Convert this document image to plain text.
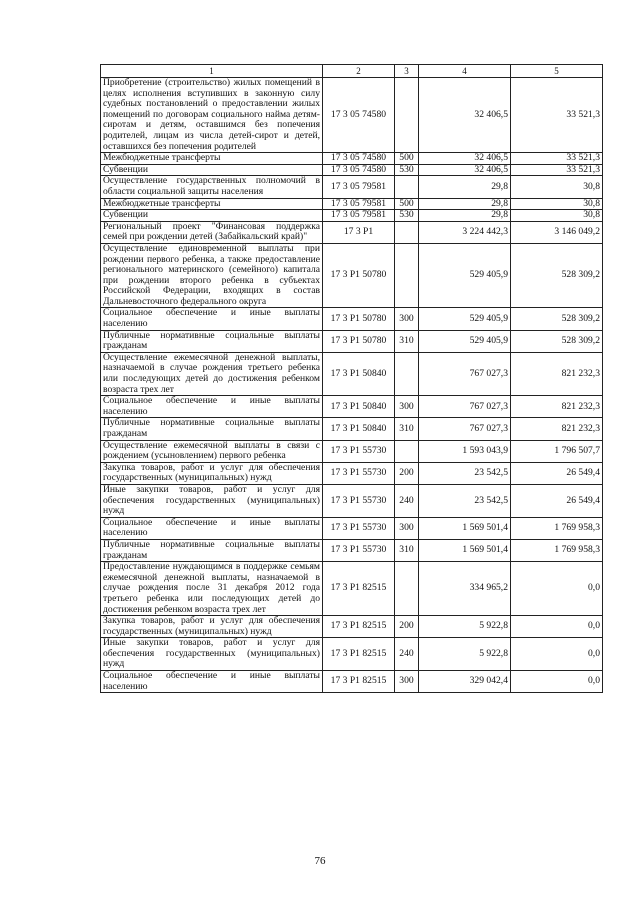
1	2	3	4	5
Приобретение (строительство) жилых помещений в целях исполнения вступивших в законную силу судебных постановлений о предоставлении жилых помещений по договорам социального найма детям-сиротам и детям, оставшимся без попечения родителей, лицам из числа детей-сирот и детей, оставшихся без попечения родителей	17 3 05 74580		32 406,5	33 521,3
Межбюджетные трансферты	17 3 05 74580	500	32 406,5	33 521,3
Субвенции	17 3 05 74580	530	32 406,5	33 521,3
Осуществление государственных полномочий в области социальной защиты населения	17 3 05 79581		29,8	30,8
Межбюджетные трансферты	17 3 05 79581	500	29,8	30,8
Субвенции	17 3 05 79581	530	29,8	30,8
Региональный проект "Финансовая поддержка семей при рождении детей (Забайкальский край)"	17 3 P1		3 224 442,3	3 146 049,2
Осуществление единовременной выплаты при рождении первого ребенка, а также предоставление регионального материнского (семейного) капитала при рождении второго ребенка в субъектах Российской Федерации, входящих в состав Дальневосточного федерального округа	17 3 P1 50780		529 405,9	528 309,2
Социальное обеспечение и иные выплаты населению	17 3 P1 50780	300	529 405,9	528 309,2
Публичные нормативные социальные выплаты гражданам	17 3 P1 50780	310	529 405,9	528 309,2
Осуществление ежемесячной денежной выплаты, назначаемой в случае рождения третьего ребенка или последующих детей до достижения ребенком возраста трех лет	17 3 P1 50840		767 027,3	821 232,3
Социальное обеспечение и иные выплаты населению	17 3 P1 50840	300	767 027,3	821 232,3
Публичные нормативные социальные выплаты гражданам	17 3 P1 50840	310	767 027,3	821 232,3
Осуществление ежемесячной выплаты в связи с рождением (усыновлением) первого ребенка	17 3 P1 55730		1 593 043,9	1 796 507,7
Закупка товаров, работ и услуг для обеспечения государственных (муниципальных) нужд	17 3 P1 55730	200	23 542,5	26 549,4
Иные закупки товаров, работ и услуг для обеспечения государственных (муниципальных) нужд	17 3 P1 55730	240	23 542,5	26 549,4
Социальное обеспечение и иные выплаты населению	17 3 P1 55730	300	1 569 501,4	1 769 958,3
Публичные нормативные социальные выплаты гражданам	17 3 P1 55730	310	1 569 501,4	1 769 958,3
Предоставление нуждающимся в поддержке семьям ежемесячной денежной выплаты, назначаемой в случае рождения после 31 декабря 2012 года третьего ребенка или последующих детей до достижения ребенком возраста трех лет	17 3 P1 82515		334 965,2	0,0
Закупка товаров, работ и услуг для обеспечения государственных (муниципальных) нужд	17 3 P1 82515	200	5 922,8	0,0
Иные закупки товаров, работ и услуг для обеспечения государственных (муниципальных) нужд	17 3 P1 82515	240	5 922,8	0,0
Социальное обеспечение и иные выплаты населению	17 3 P1 82515	300	329 042,4	0,0
76
